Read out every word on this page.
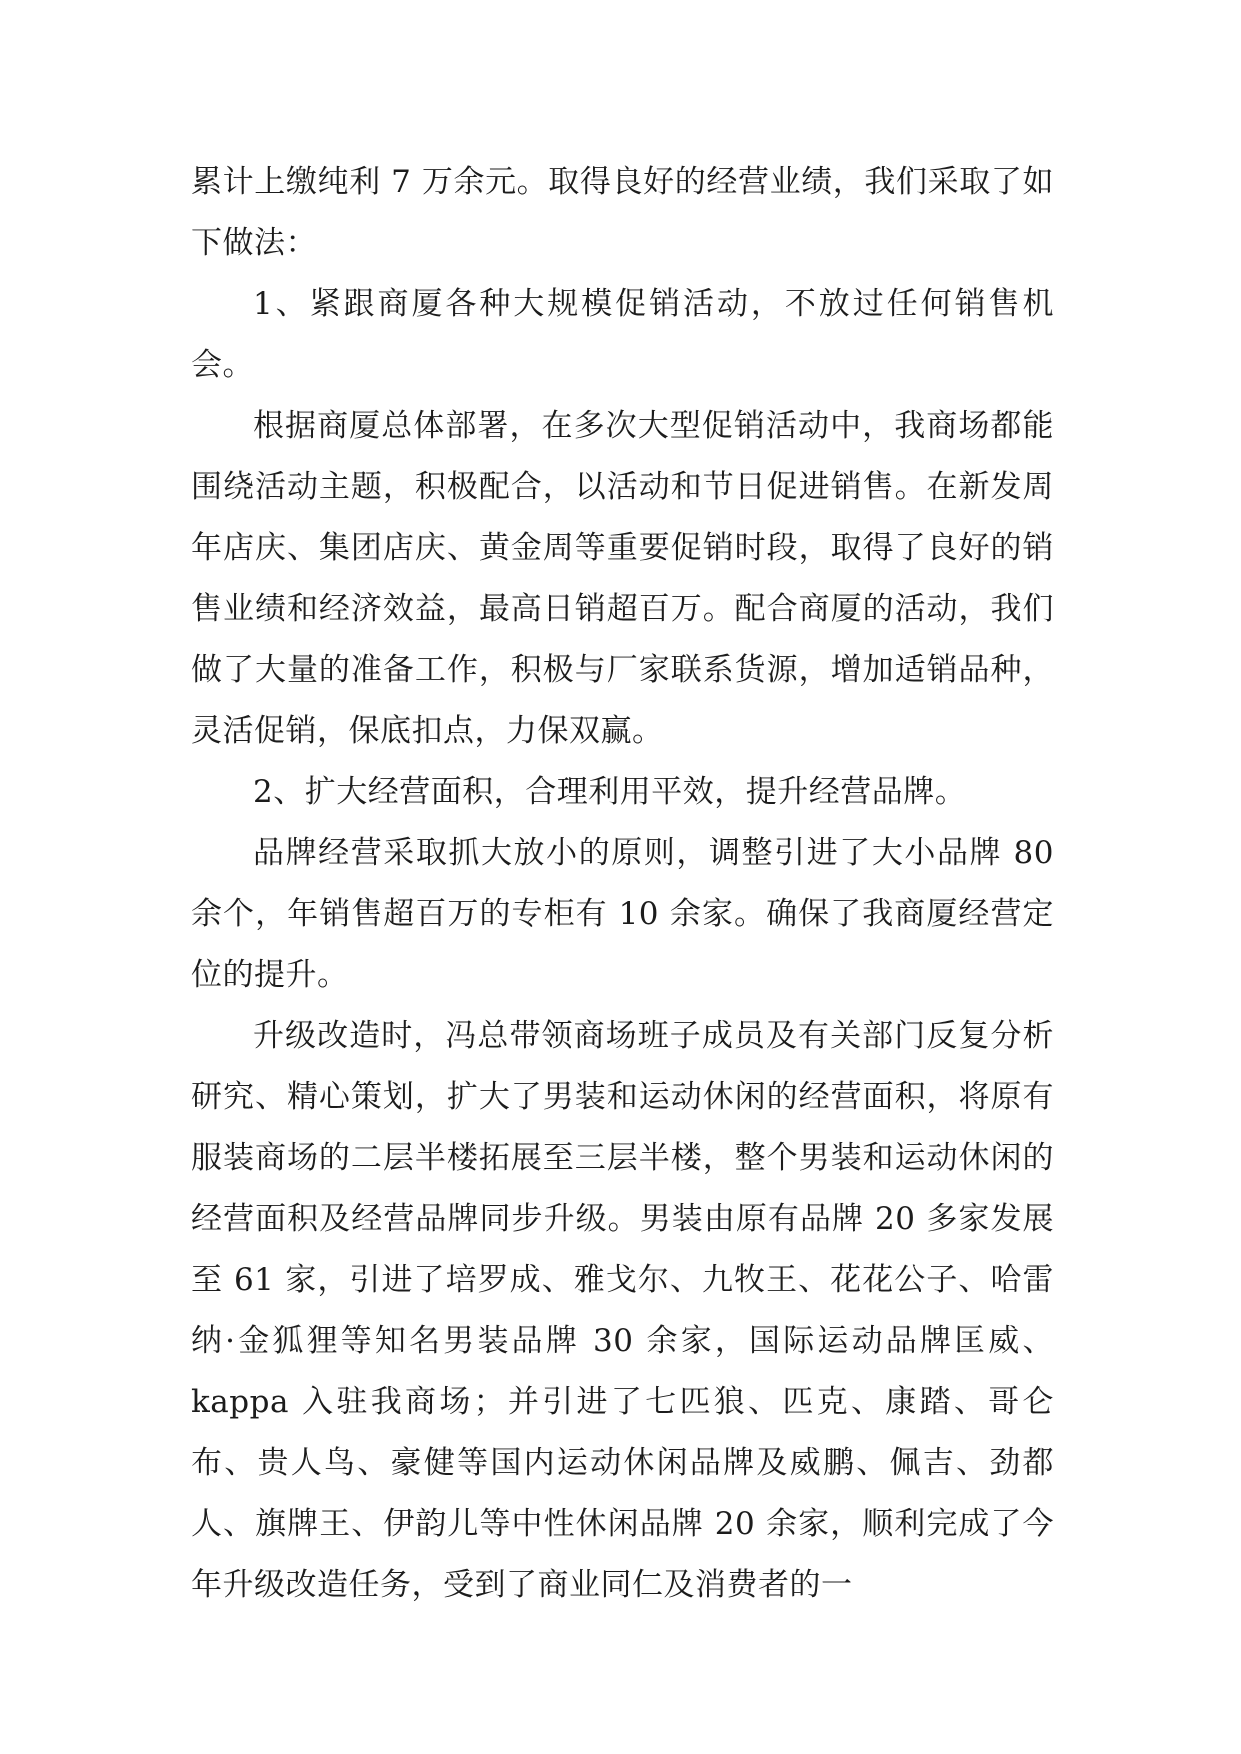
累计上缴纯利 7 万余元。取得良好的经营业绩，我们采取了如下做法：

1、紧跟商厦各种大规模促销活动，不放过任何销售机会。

根据商厦总体部署，在多次大型促销活动中，我商场都能围绕活动主题，积极配合，以活动和节日促进销售。在新发周年店庆、集团店庆、黄金周等重要促销时段，取得了良好的销售业绩和经济效益，最高日销超百万。配合商厦的活动，我们做了大量的准备工作，积极与厂家联系货源，增加适销品种，灵活促销，保底扣点，力保双赢。

2、扩大经营面积，合理利用平效，提升经营品牌。

品牌经营采取抓大放小的原则，调整引进了大小品牌 80 余个，年销售超百万的专柜有 10 余家。确保了我商厦经营定位的提升。

升级改造时，冯总带领商场班子成员及有关部门反复分析研究、精心策划，扩大了男装和运动休闲的经营面积，将原有服装商场的二层半楼拓展至三层半楼，整个男装和运动休闲的经营面积及经营品牌同步升级。男装由原有品牌 20 多家发展至 61 家，引进了培罗成、雅戈尔、九牧王、花花公子、哈雷纳·金狐狸等知名男装品牌 30 余家，国际运动品牌匡威、kappa 入驻我商场；并引进了七匹狼、匹克、康踏、哥仑布、贵人鸟、豪健等国内运动休闲品牌及威鹏、佩吉、劲都人、旗牌王、伊韵儿等中性休闲品牌 20 余家，顺利完成了今年升级改造任务，受到了商业同仁及消费者的一
